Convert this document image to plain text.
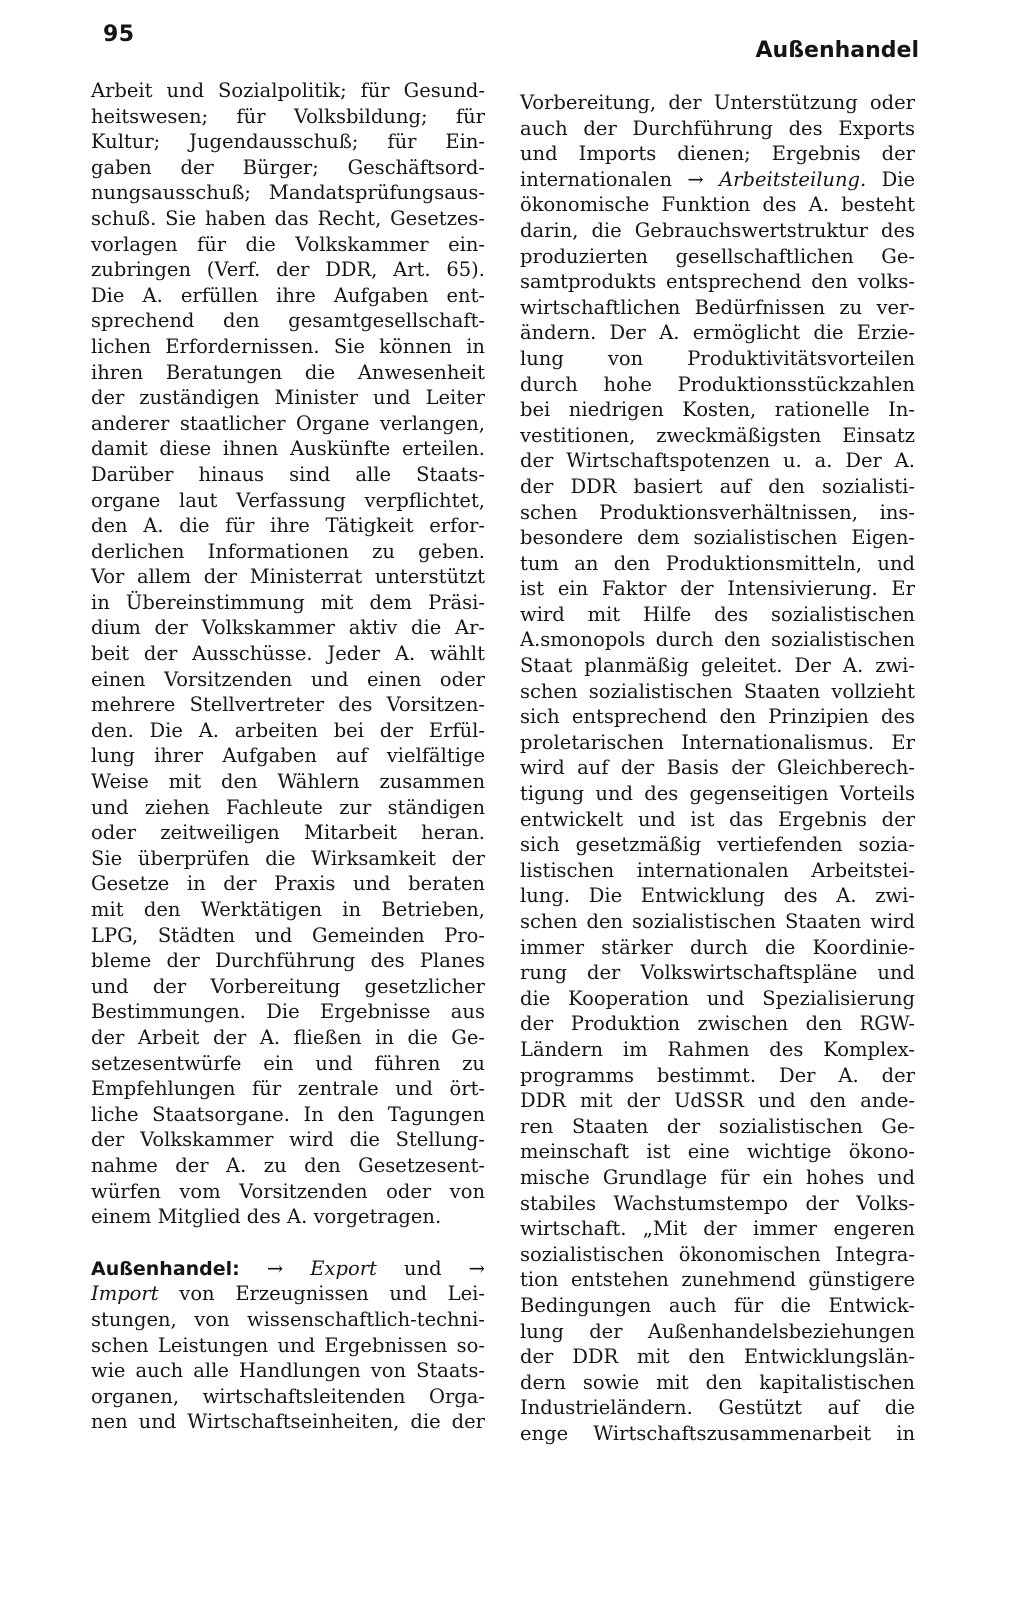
95
Außenhandel
Arbeit und Sozialpolitik; für Gesund-
heitswesen; für Volksbildung; für
Kultur; Jugendausschuß; für Ein-
gaben der Bürger; Geschäftsord-
nungsausschuß; Mandatsprüfungsaus-
schuß. Sie haben das Recht, Gesetzes-
vorlagen für die Volkskammer ein-
zubringen (Verf. der DDR, Art. 65).
Die A. erfüllen ihre Aufgaben ent-
sprechend den gesamtgesellschaft-
lichen Erfordernissen. Sie können in
ihren Beratungen die Anwesenheit
der zuständigen Minister und Leiter
anderer staatlicher Organe verlangen,
damit diese ihnen Auskünfte erteilen.
Darüber hinaus sind alle Staats-
organe laut Verfassung verpflichtet,
den A. die für ihre Tätigkeit erfor-
derlichen Informationen zu geben.
Vor allem der Ministerrat unterstützt
in Übereinstimmung mit dem Präsi-
dium der Volkskammer aktiv die Ar-
beit der Ausschüsse. Jeder A. wählt
einen Vorsitzenden und einen oder
mehrere Stellvertreter des Vorsitzen-
den. Die A. arbeiten bei der Erfül-
lung ihrer Aufgaben auf vielfältige
Weise mit den Wählern zusammen
und ziehen Fachleute zur ständigen
oder zeitweiligen Mitarbeit heran.
Sie überprüfen die Wirksamkeit der
Gesetze in der Praxis und beraten
mit den Werktätigen in Betrieben,
LPG, Städten und Gemeinden Pro-
bleme der Durchführung des Planes
und der Vorbereitung gesetzlicher
Bestimmungen. Die Ergebnisse aus
der Arbeit der A. fließen in die Ge-
setzesentwürfe ein und führen zu
Empfehlungen für zentrale und ört-
liche Staatsorgane. In den Tagungen
der Volkskammer wird die Stellung-
nahme der A. zu den Gesetzesent-
würfen vom Vorsitzenden oder von
einem Mitglied des A. vorgetragen.
Außenhandel: → Export und →
Import von Erzeugnissen und Lei-
stungen, von wissenschaftlich-techni-
schen Leistungen und Ergebnissen so-
wie auch alle Handlungen von Staats-
organen, wirtschaftsleitenden Orga-
nen und Wirtschaftseinheiten, die der
Vorbereitung, der Unterstützung oder
auch der Durchführung des Exports
und Imports dienen; Ergebnis der
internationalen → Arbeitsteilung. Die
ökonomische Funktion des A. besteht
darin, die Gebrauchswertstruktur des
produzierten gesellschaftlichen Ge-
samtprodukts entsprechend den volks-
wirtschaftlichen Bedürfnissen zu ver-
ändern. Der A. ermöglicht die Erzie-
lung von Produktivitätsvorteilen
durch hohe Produktionsstückzahlen
bei niedrigen Kosten, rationelle In-
vestitionen, zweckmäßigsten Einsatz
der Wirtschaftspotenzen u. a. Der A.
der DDR basiert auf den sozialisti-
schen Produktionsverhältnissen, ins-
besondere dem sozialistischen Eigen-
tum an den Produktionsmitteln, und
ist ein Faktor der Intensivierung. Er
wird mit Hilfe des sozialistischen
A.smonopols durch den sozialistischen
Staat planmäßig geleitet. Der A. zwi-
schen sozialistischen Staaten vollzieht
sich entsprechend den Prinzipien des
proletarischen Internationalismus. Er
wird auf der Basis der Gleichberech-
tigung und des gegenseitigen Vorteils
entwickelt und ist das Ergebnis der
sich gesetzmäßig vertiefenden sozia-
listischen internationalen Arbeitstei-
lung. Die Entwicklung des A. zwi-
schen den sozialistischen Staaten wird
immer stärker durch die Koordinie-
rung der Volkswirtschaftspläne und
die Kooperation und Spezialisierung
der Produktion zwischen den RGW-
Ländern im Rahmen des Komplex-
programms bestimmt. Der A. der
DDR mit der UdSSR und den ande-
ren Staaten der sozialistischen Ge-
meinschaft ist eine wichtige ökono-
mische Grundlage für ein hohes und
stabiles Wachstumstempo der Volks-
wirtschaft. „Mit der immer engeren
sozialistischen ökonomischen Integra-
tion entstehen zunehmend günstigere
Bedingungen auch für die Entwick-
lung der Außenhandelsbeziehungen
der DDR mit den Entwicklungslän-
dern sowie mit den kapitalistischen
Industrieländern. Gestützt auf die
enge Wirtschaftszusammenarbeit in
